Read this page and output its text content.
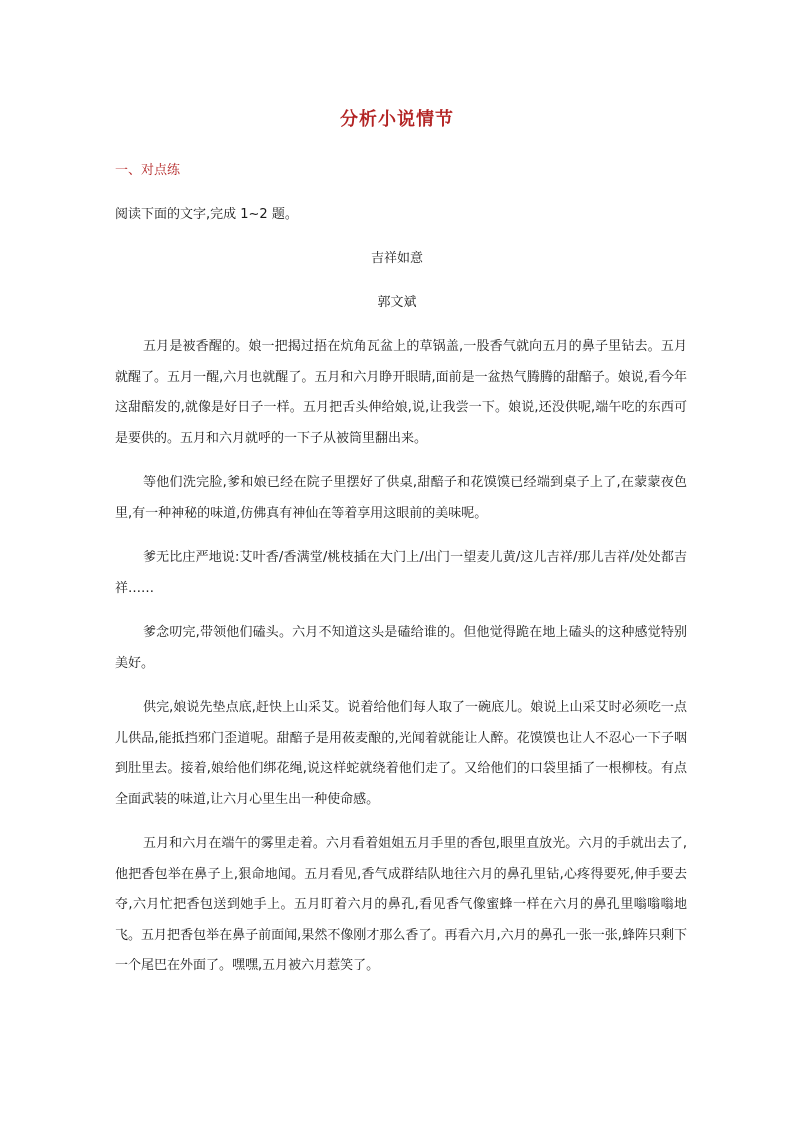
分析小说情节
一、对点练
阅读下面的文字,完成 1~2 题。
吉祥如意
郭文斌

五月是被香醒的。娘一把揭过捂在炕角瓦盆上的草锅盖,一股香气就向五月的鼻子里钻去。五月就醒了。五月一醒,六月也就醒了。五月和六月睁开眼睛,面前是一盆热气腾腾的甜醅子。娘说,看今年这甜醅发的,就像是好日子一样。五月把舌头伸给娘,说,让我尝一下。娘说,还没供呢,端午吃的东西可是要供的。五月和六月就呼的一下子从被筒里翻出来。

等他们洗完脸,爹和娘已经在院子里摆好了供桌,甜醅子和花馍馍已经端到桌子上了,在蒙蒙夜色里,有一种神秘的味道,仿佛真有神仙在等着享用这眼前的美味呢。

爹无比庄严地说:艾叶香/香满堂/桃枝插在大门上/出门一望麦儿黄/这儿吉祥/那儿吉祥/处处都吉祥……

爹念叨完,带领他们磕头。六月不知道这头是磕给谁的。但他觉得跪在地上磕头的这种感觉特别美好。

供完,娘说先垫点底,赶快上山采艾。说着给他们每人取了一碗底儿。娘说上山采艾时必须吃一点儿供品,能抵挡邪门歪道呢。甜醅子是用莜麦酿的,光闻着就能让人醉。花馍馍也让人不忍心一下子咽到肚里去。接着,娘给他们绑花绳,说这样蛇就绕着他们走了。又给他们的口袋里插了一根柳枝。有点全面武装的味道,让六月心里生出一种使命感。

五月和六月在端午的雾里走着。六月看着姐姐五月手里的香包,眼里直放光。六月的手就出去了,他把香包举在鼻子上,狠命地闻。五月看见,香气成群结队地往六月的鼻孔里钻,心疼得要死,伸手要去夺,六月忙把香包送到她手上。五月盯着六月的鼻孔,看见香气像蜜蜂一样在六月的鼻孔里嗡嗡嗡地飞。五月把香包举在鼻子前面闻,果然不像刚才那么香了。再看六月,六月的鼻孔一张一张,蜂阵只剩下一个尾巴在外面了。嘿嘿,五月被六月惹笑了。
